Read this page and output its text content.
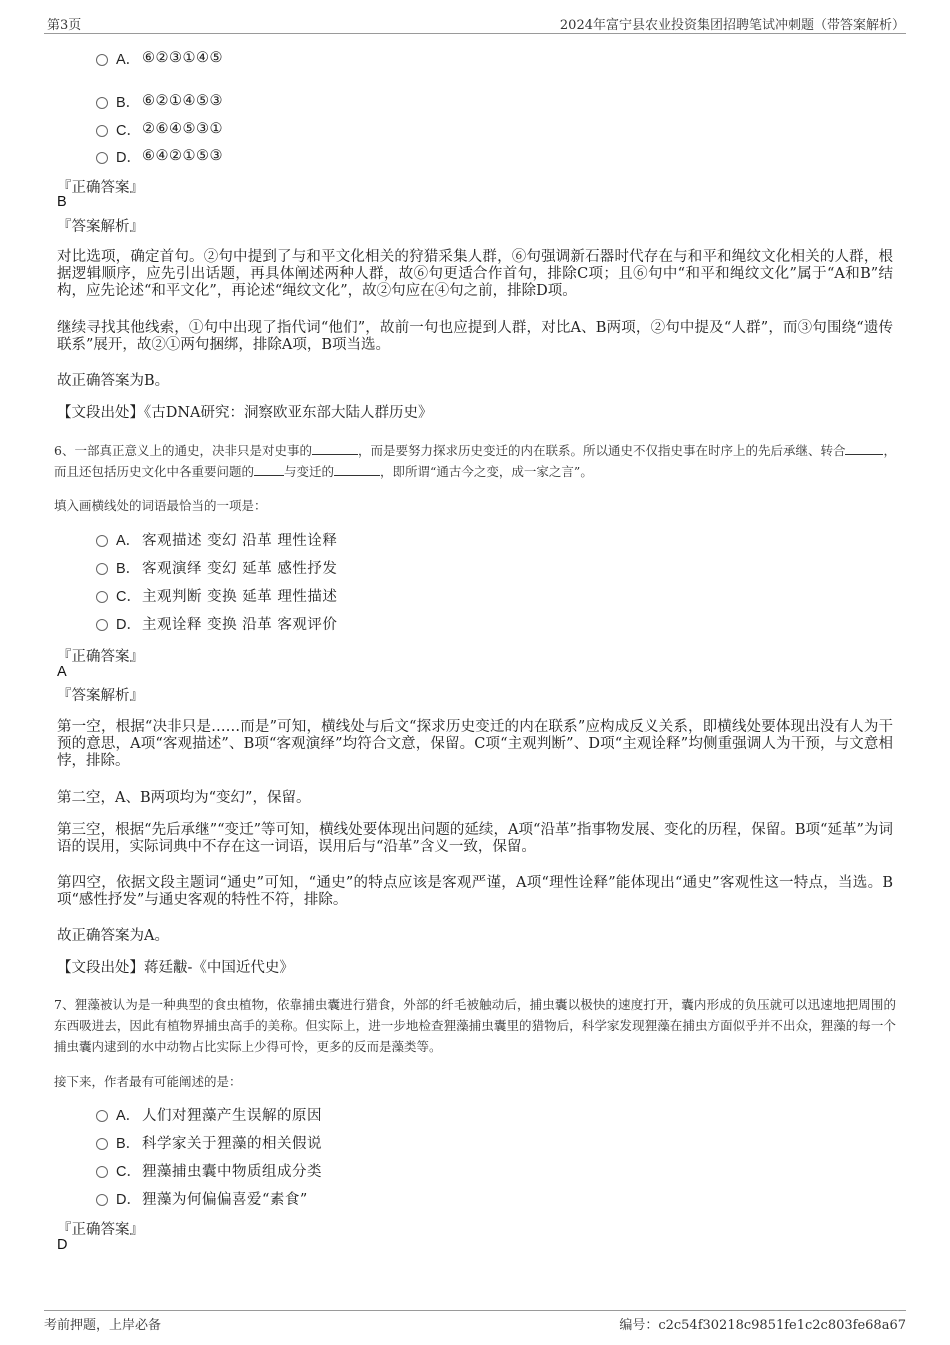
第3页	2024年富宁县农业投资集团招聘笔试冲刺题（带答案解析）
A． ⑥②③①④⑤
B． ⑥②①④⑤③
C． ②⑥④⑤③①
D． ⑥④②①⑤③
『正确答案』
B
『答案解析』
对比选项，确定首句。②句中提到了与和平文化相关的狩猎采集人群，⑥句强调新石器时代存在与和平和绳纹文化相关的人群，根据逻辑顺序，应先引出话题，再具体阐述两种人群，故⑥句更适合作首句，排除C项；且⑥句中“和平和绳纹文化”属于“A和B”结构，应先论述“和平文化”，再论述“绳纹文化”，故②句应在④句之前，排除D项。
继续寻找其他线索，①句中出现了指代词“他们”，故前一句也应提到人群，对比A、B两项，②句中提及“人群”，而③句围绕“遗传联系”展开，故②①两句捆绑，排除A项，B项当选。
故正确答案为B。
【文段出处】《古DNA研究：洞察欧亚东部大陆人群历史》
6、一部真正意义上的通史，决非只是对史事的	，而是要努力探求历史变迁的内在联系。所以通史不仅指史事在时序上的先后承继、转合	，而且还包括历史文化中各重要问题的 与变迁的	，即所谓“通古今之变，成一家之言”。
填入画横线处的词语最恰当的一项是：
A． 客观描述 变幻 沿革 理性诠释
B． 客观演绎 变幻 延革 感性抒发
C． 主观判断 变换 延革 理性描述
D． 主观诠释 变换 沿革 客观评价
『正确答案』
A
『答案解析』
第一空，根据“决非只是……而是”可知，横线处与后文“探求历史变迁的内在联系”应构成反义关系，即横线处要体现出没有人为干预的意思，A项“客观描述”、B项“客观演绎”均符合文意，保留。C项“主观判断”、D项“主观诠释”均侧重强调人为干预，与文意相悖，排除。
第二空，A、B两项均为“变幻”，保留。
第三空，根据“先后承继”“变迁”等可知，横线处要体现出问题的延续，A项“沿革”指事物发展、变化的历程，保留。B项“延革”为词语的误用，实际词典中不存在这一词语，误用后与“沿革”含义一致，保留。
第四空，依据文段主题词“通史”可知，“通史”的特点应该是客观严谨，A项“理性诠释”能体现出“通史”客观性这一特点，当选。B项“感性抒发”与通史客观的特性不符，排除。
故正确答案为A。
【文段出处】蒋廷黻-《中国近代史》
7、狸藻被认为是一种典型的食虫植物，依靠捕虫囊进行猎食，外部的纤毛被触动后，捕虫囊以极快的速度打开，囊内形成的负压就可以迅速地把周围的东西吸进去，因此有植物界捕虫高手的美称。但实际上，进一步地检查狸藻捕虫囊里的猎物后，科学家发现狸藻在捕虫方面似乎并不出众，狸藻的每一个捕虫囊内逮到的水中动物占比实际上少得可怜，更多的反而是藻类等。
接下来，作者最有可能阐述的是：
A． 人们对狸藻产生误解的原因
B． 科学家关于狸藻的相关假说
C． 狸藻捕虫囊中物质组成分类
D． 狸藻为何偏偏喜爱“素食”
『正确答案』
D
考前押题，上岸必备	编号：c2c54f30218c9851fe1c2c803fe68a67
